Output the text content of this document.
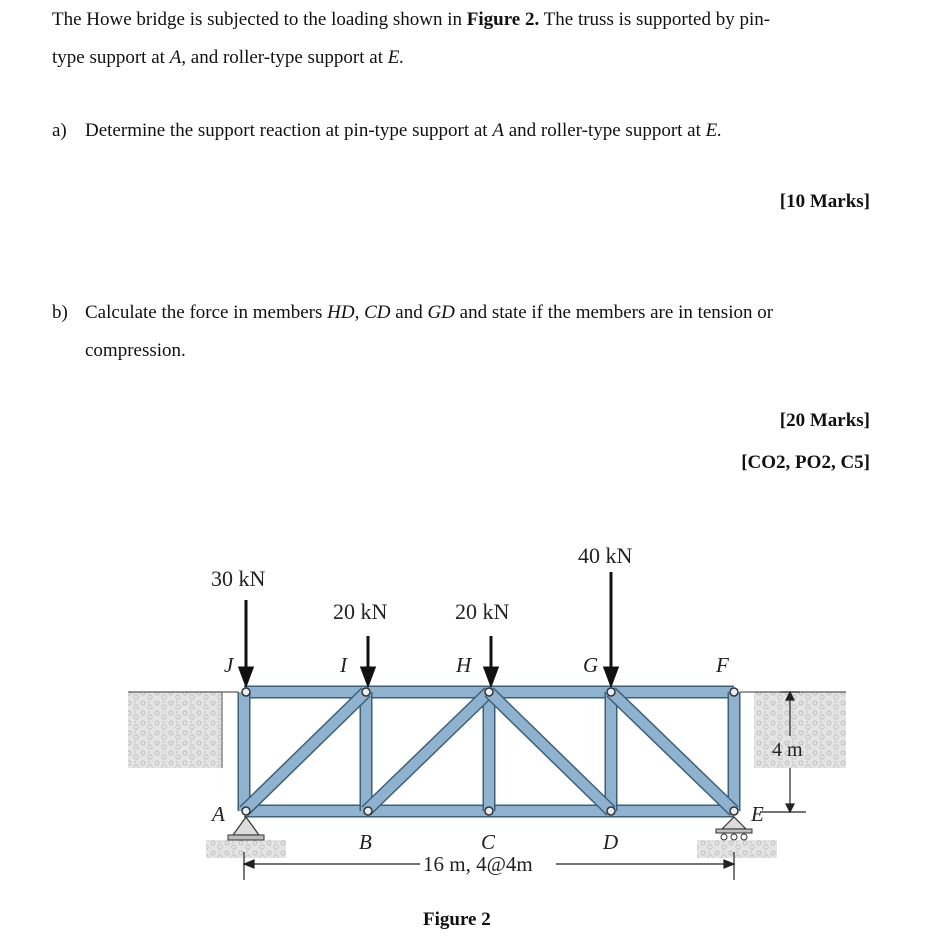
The Howe bridge is subjected to the loading shown in Figure 2. The truss is supported by pin-
type support at A, and roller-type support at E.
a) Determine the support reaction at pin-type support at A and roller-type support at E.
[10 Marks]
b) Calculate the force in members HD, CD and GD and state if the members are in tension or
compression.
[20 Marks]
[CO2, PO2, C5]
30 kN
20 kN	20 kN
40 kN
J	I	H	G	F
A
B	C	D
E
4 m
16 m, 4@4m
Figure 2
